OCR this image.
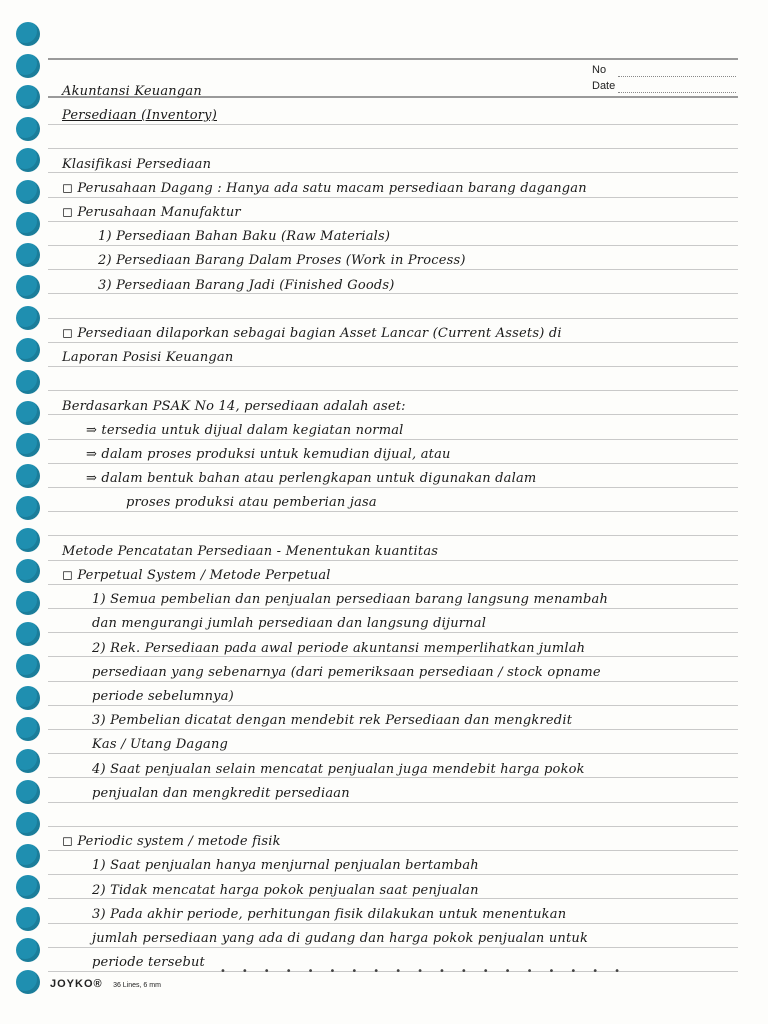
No
Date
Akuntansi Keuangan
Persediaan (Inventory)
Klasifikasi Persediaan
◻ Perusahaan Dagang : Hanya ada satu macam persediaan barang dagangan
◻ Perusahaan Manufaktur
1) Persediaan Bahan Baku (Raw Materials)
2) Persediaan Barang Dalam Proses (Work in Process)
3) Persediaan Barang Jadi (Finished Goods)
◻ Persediaan dilaporkan sebagai bagian Asset Lancar (Current Assets) di
Laporan Posisi Keuangan
Berdasarkan PSAK No 14, persediaan adalah aset:
⇒ tersedia untuk dijual dalam kegiatan normal
⇒ dalam proses produksi untuk kemudian dijual, atau
⇒ dalam bentuk bahan atau perlengkapan untuk digunakan dalam
proses produksi atau pemberian jasa
Metode Pencatatan Persediaan - Menentukan kuantitas
◻ Perpetual System / Metode Perpetual
1) Semua pembelian dan penjualan persediaan barang langsung menambah
dan mengurangi jumlah persediaan dan langsung dijurnal
2) Rek. Persediaan pada awal periode akuntansi memperlihatkan jumlah
persediaan yang sebenarnya (dari pemeriksaan persediaan / stock opname
periode sebelumnya)
3) Pembelian dicatat dengan mendebit rek Persediaan dan mengkredit
Kas / Utang Dagang
4) Saat penjualan selain mencatat penjualan juga mendebit harga pokok
penjualan dan mengkredit persediaan
◻ Periodic system / metode fisik
1) Saat penjualan hanya menjurnal penjualan bertambah
2) Tidak mencatat harga pokok penjualan saat penjualan
3) Pada akhir periode, perhitungan fisik dilakukan untuk menentukan
jumlah persediaan yang ada di gudang dan harga pokok penjualan untuk
periode tersebut
•••••••••••••••••••
JOYKO® 36 Lines, 6 mm
